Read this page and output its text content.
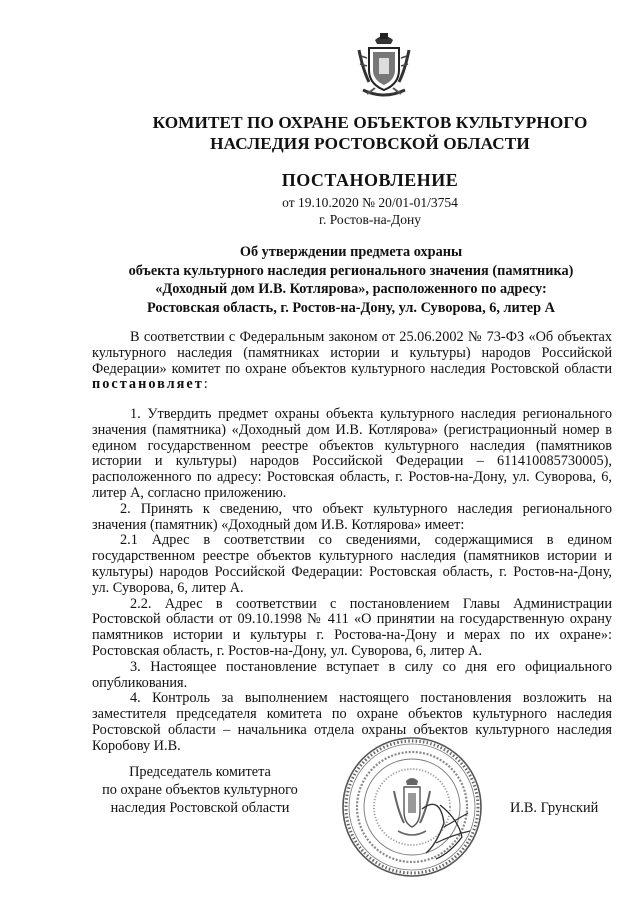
КОМИТЕТ ПО ОХРАНЕ ОБЪЕКТОВ КУЛЬТУРНОГО
НАСЛЕДИЯ РОСТОВСКОЙ ОБЛАСТИ
ПОСТАНОВЛЕНИЕ
от 19.10.2020 № 20/01-01/3754
г. Ростов-на-Дону
Об утверждении предмета охраны
объекта культурного наследия регионального значения (памятника)
«Доходный дом И.В. Котлярова», расположенного по адресу:
Ростовская область, г. Ростов-на-Дону, ул. Суворова, 6, литер А

В соответствии с Федеральным законом от 25.06.2002 № 73-ФЗ «Об объектах культурного наследия (памятниках истории и культуры) народов Российской Федерации» комитет по охране объектов культурного наследия Ростовской области постановляет:

1. Утвердить предмет охраны объекта культурного наследия регионального значения (памятника) «Доходный дом И.В. Котлярова» (регистрационный номер в едином государственном реестре объектов культурного наследия (памятников истории и культуры) народов Российской Федерации – 611410085730005), расположенного по адресу: Ростовская область, г. Ростов-на-Дону, ул. Суворова, 6, литер А, согласно приложению.

2. Принять к сведению, что объект культурного наследия регионального значения (памятник) «Доходный дом И.В. Котлярова» имеет:

2.1 Адрес в соответствии со сведениями, содержащимися в едином государственном реестре объектов культурного наследия (памятников истории и культуры) народов Российской Федерации: Ростовская область, г. Ростов-на-Дону, ул. Суворова, 6, литер А.

2.2. Адрес в соответствии с постановлением Главы Администрации Ростовской области от 09.10.1998 № 411 «О принятии на государственную охрану памятников истории и культуры г. Ростова-на-Дону и мерах по их охране»: Ростовская область, г. Ростов-на-Дону, ул. Суворова, 6, литер А.

3. Настоящее постановление вступает в силу со дня его официального опубликования.

4. Контроль за выполнением настоящего постановления возложить на заместителя председателя комитета по охране объектов культурного наследия Ростовской области – начальника отдела охраны объектов культурного наследия Коробову И.В.

Председатель комитета
по охране объектов культурного
наследия Ростовской области	И.В. Грунский
